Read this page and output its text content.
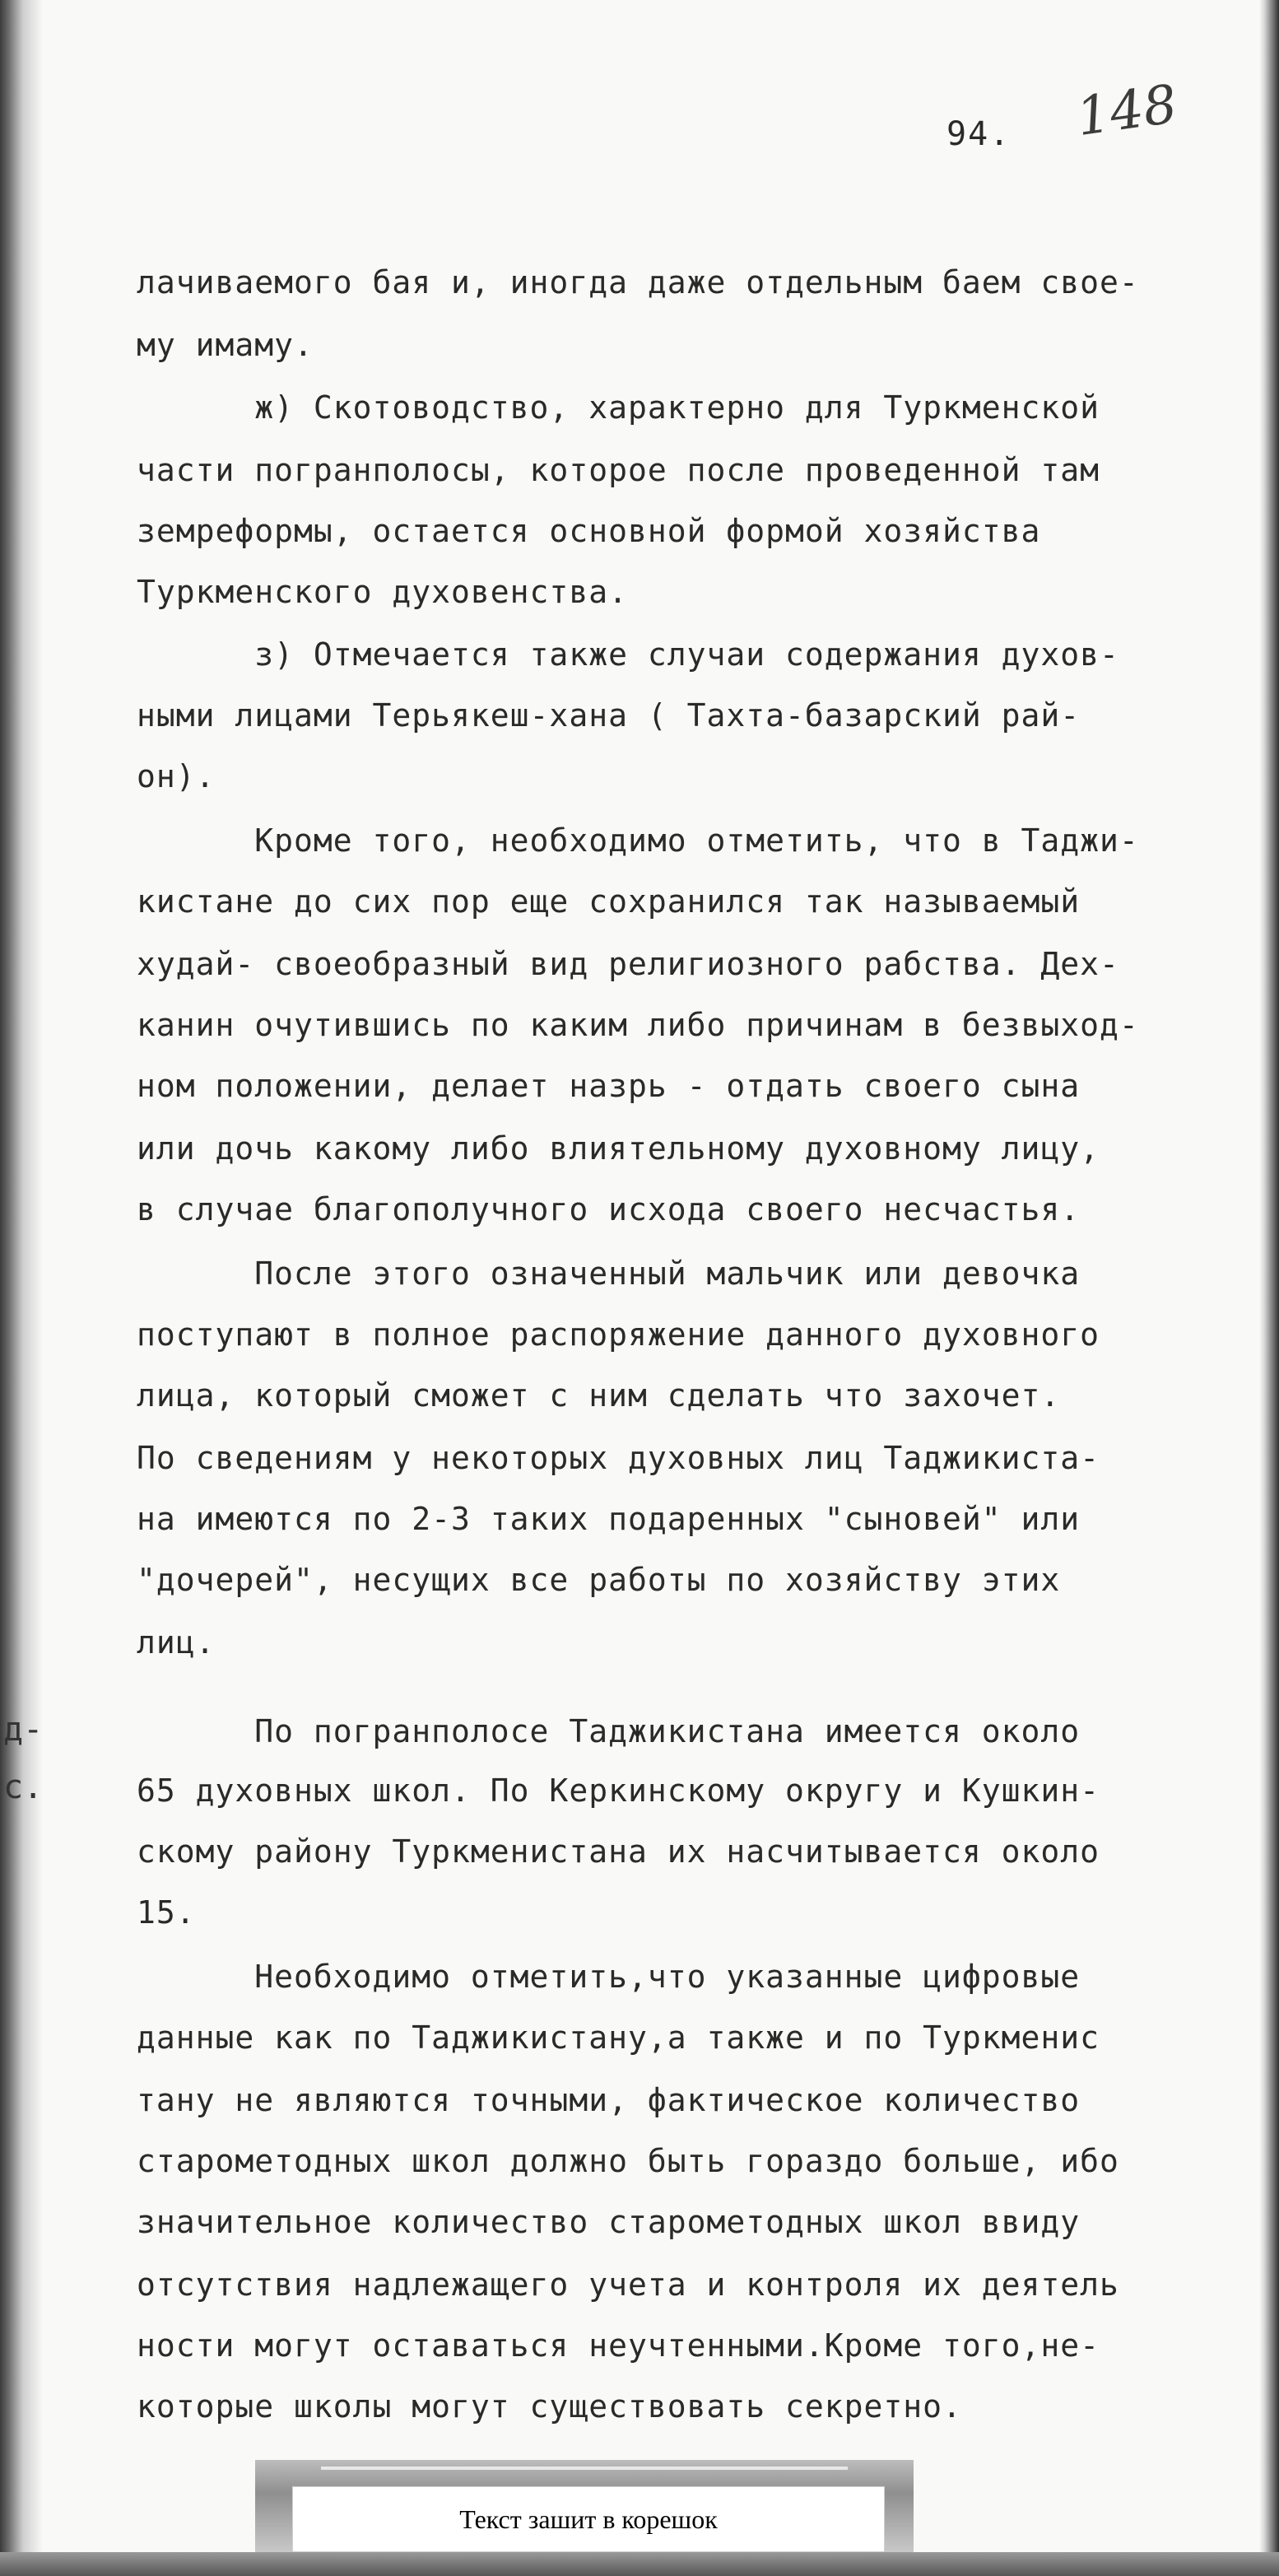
94. 148
д-
с.
лачиваемого бая и, иногда даже отдельным баем свое-
му имаму.
ж) Скотоводство, характерно для Туркменской
части погранполосы, которое после проведенной там
земреформы, остается основной формой хозяйства
Туркменского духовенства.
з) Отмечается также случаи содержания духов-
ными лицами Терьякеш-хана ( Тахта-базарский рай-
он).
Кроме того, необходимо отметить, что в Таджи-
кистане до сих пор еще сохранился так называемый
худай- своеобразный вид религиозного рабства. Дех-
канин очутившись по каким либо причинам в безвыход-
ном положении, делает назрь - отдать своего сына
или дочь какому либо влиятельному духовному лицу,
в случае благополучного исхода своего несчастья.
После этого означенный мальчик или девочка
поступают в полное распоряжение данного духовного
лица, который сможет с ним сделать что захочет.
По сведениям у некоторых духовных лиц Таджикиста-
на имеются по 2-3 таких подаренных "сыновей" или
"дочерей", несущих все работы по хозяйству этих
лиц.
По погранполосе Таджикистана имеется около
65 духовных школ. По Керкинскому округу и Кушкин-
скому району Туркменистана их насчитывается около
15.
Необходимо отметить,что указанные цифровые
данные как по Таджикистану,а также и по Туркменис
тану не являются точными, фактическое количество
старометодных школ должно быть гораздо больше, ибо
значительное количество старометодных школ ввиду
отсутствия надлежащего учета и контроля их деятель
ности могут оставаться неучтенными.Кроме того,не-
которые школы могут существовать секретно.
Текст зашит в корешок
